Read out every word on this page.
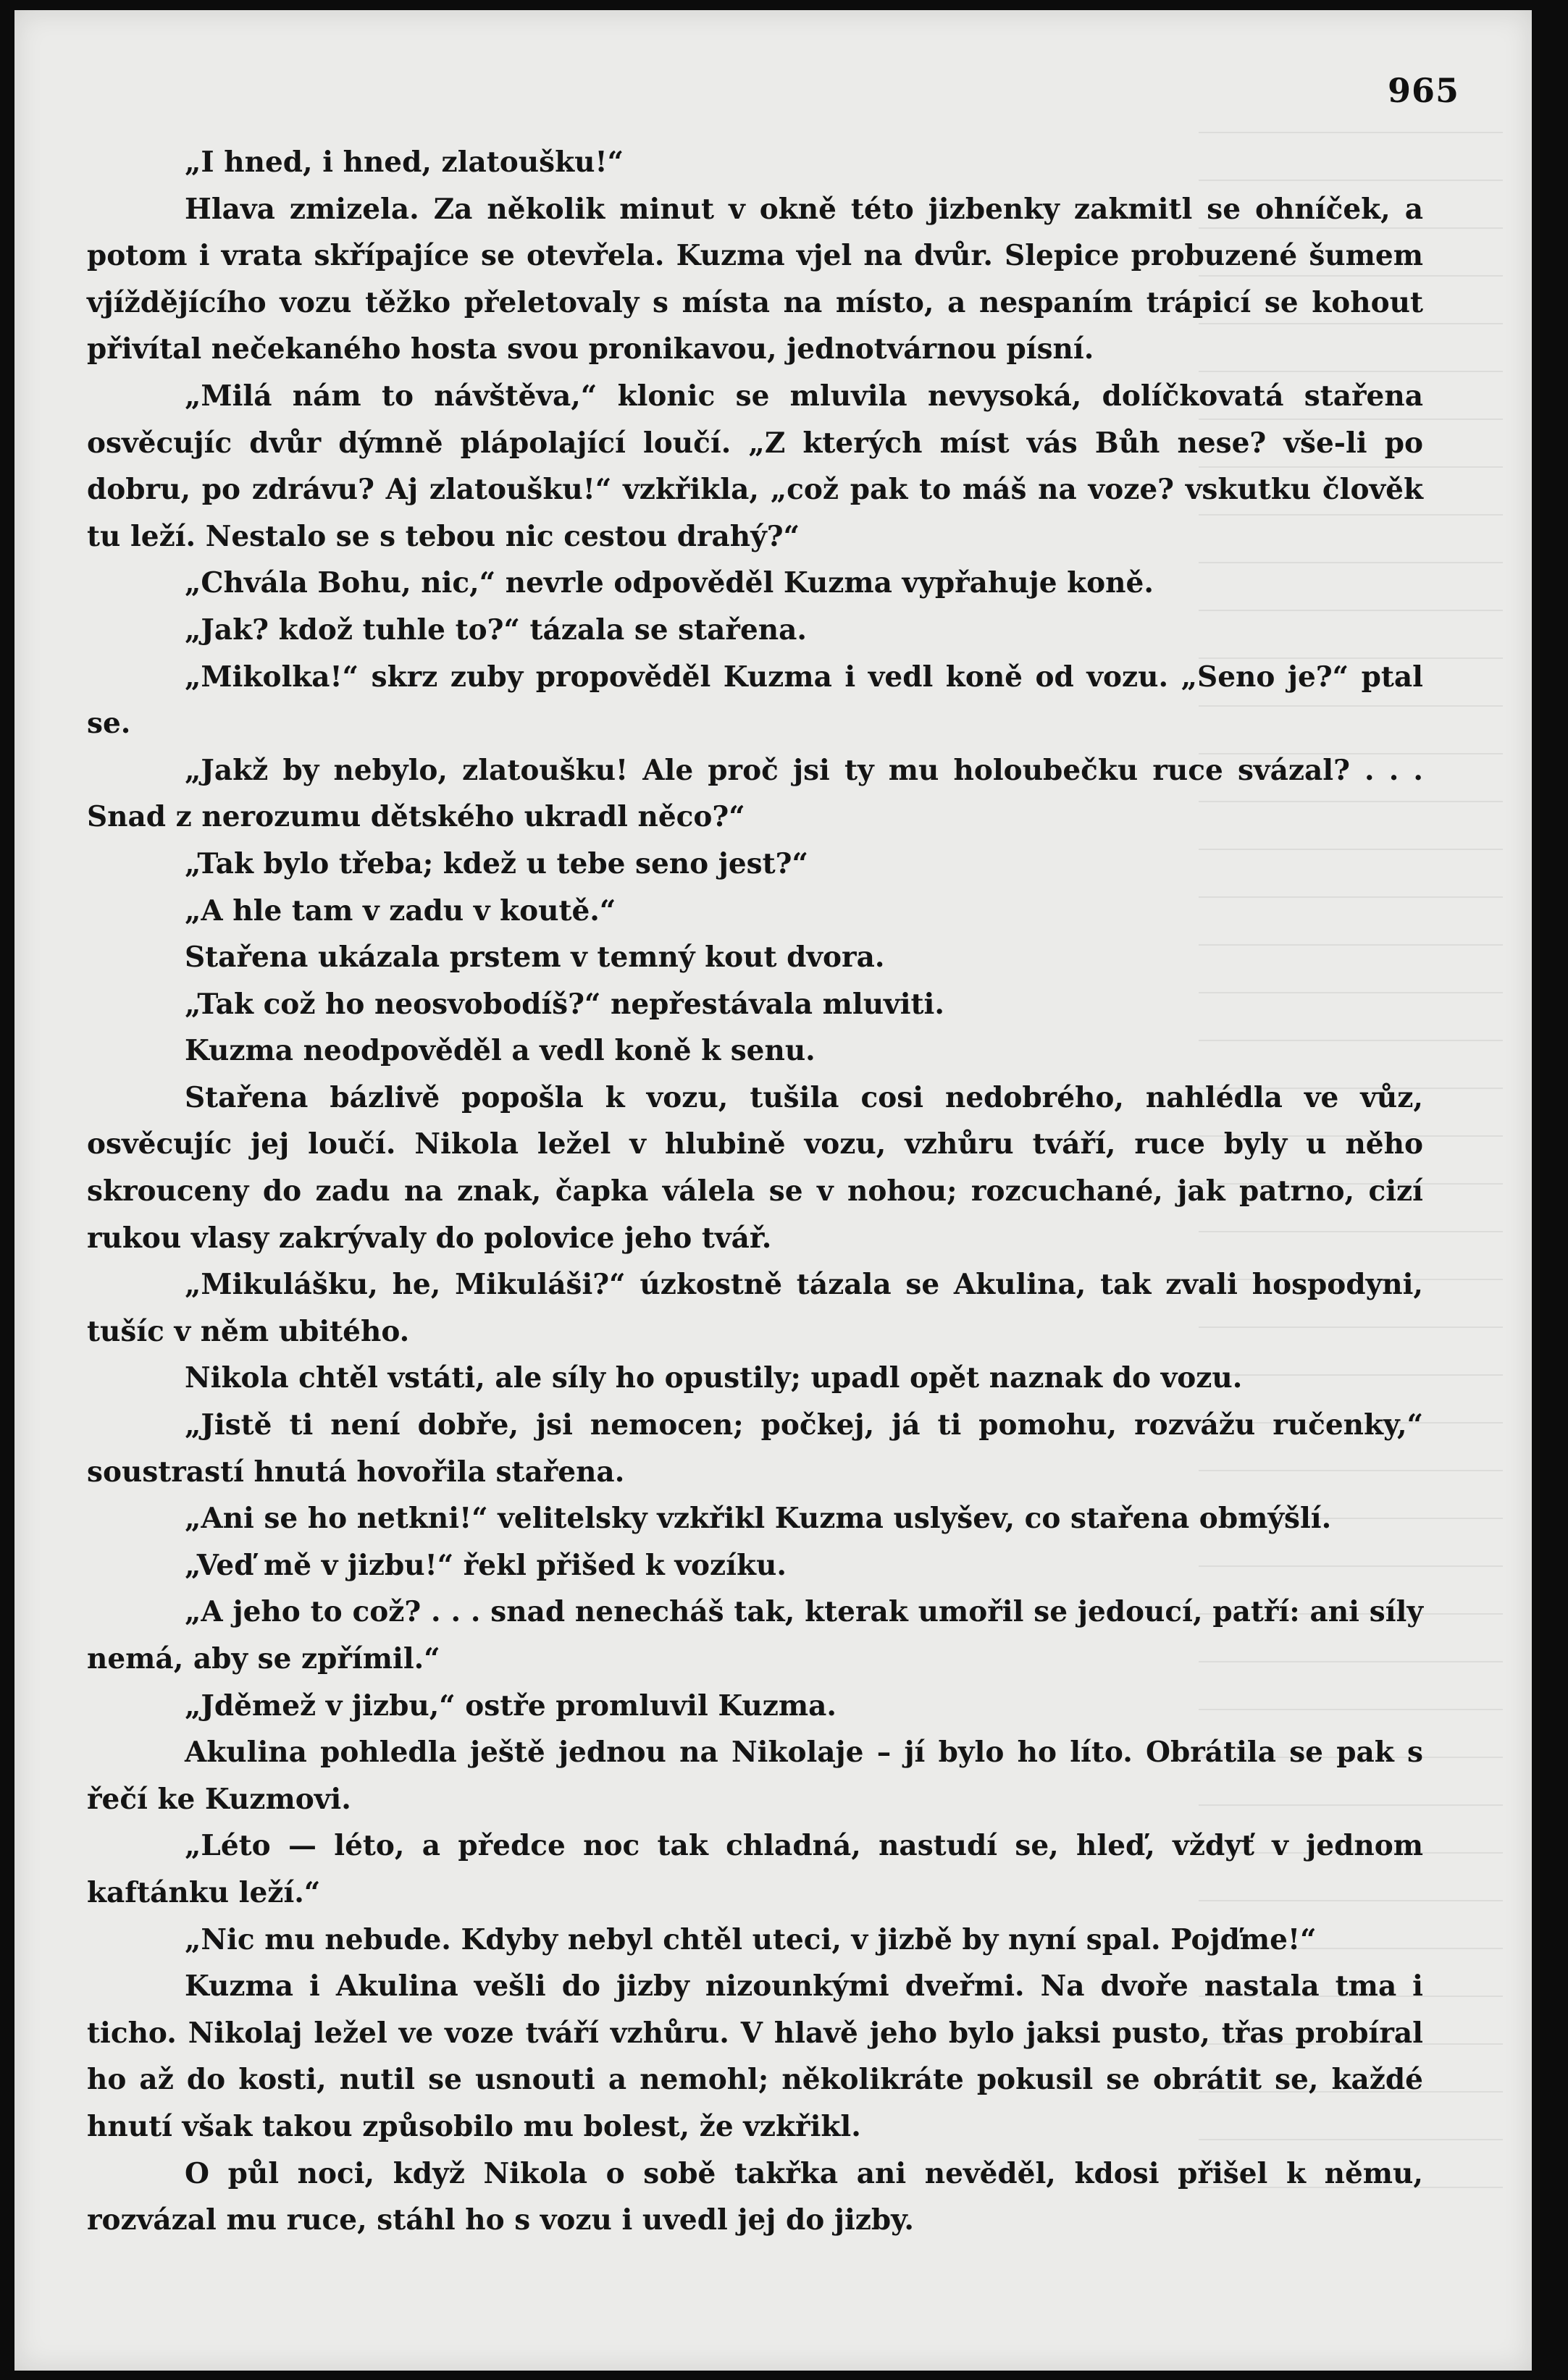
965

„I hned, i hned, zlatoušku!“

Hlava zmizela. Za několik minut v okně této jizbenky zakmitl se ohníček, a potom i vrata skřípajíce se otevřela. Kuzma vjel na dvůr. Slepice probuzené šumem vjíždějícího vozu těžko přeletovaly s místa na místo, a nespaním trápicí se kohout přivítal nečekaného hosta svou pronikavou, jednotvárnou písní.

„Milá nám to návštěva,“ klonic se mluvila nevysoká, dolíčkovatá stařena osvěcujíc dvůr dýmně plápolající loučí. „Z kterých míst vás Bůh nese? vše-li po dobru, po zdrávu? Aj zlatoušku!“ vzkřikla, „což pak to máš na voze? vskutku člověk tu leží. Nestalo se s tebou nic cestou drahý?“

„Chvála Bohu, nic,“ nevrle odpověděl Kuzma vypřahuje koně.

„Jak? kdož tuhle to?“ tázala se stařena.

„Mikolka!“ skrz zuby propověděl Kuzma i vedl koně od vozu. „Seno je?“ ptal se.

„Jakž by nebylo, zlatoušku! Ale proč jsi ty mu holoubečku ruce svázal? . . . Snad z nerozumu dětského ukradl něco?“

„Tak bylo třeba; kdež u tebe seno jest?“

„A hle tam v zadu v koutě.“

Stařena ukázala prstem v temný kout dvora.

„Tak což ho neosvobodíš?“ nepřestávala mluviti.

Kuzma neodpověděl a vedl koně k senu.

Stařena bázlivě popošla k vozu, tušila cosi nedobrého, nahlédla ve vůz, osvěcujíc jej loučí. Nikola ležel v hlubině vozu, vzhůru tváří, ruce byly u něho skrouceny do zadu na znak, čapka válela se v nohou; rozcuchané, jak patrno, cizí rukou vlasy zakrývaly do polovice jeho tvář.

„Mikulášku, he, Mikuláši?“ úzkostně tázala se Akulina, tak zvali hospodyni, tušíc v něm ubitého.

Nikola chtěl vstáti, ale síly ho opustily; upadl opět naznak do vozu.

„Jistě ti není dobře, jsi nemocen; počkej, já ti pomohu, rozvážu ručenky,“ soustrastí hnutá hovořila stařena.

„Ani se ho netkni!“ velitelsky vzkřikl Kuzma uslyšev, co stařena obmýšlí.

„Veď mě v jizbu!“ řekl přišed k vozíku.

„A jeho to což? . . . snad nenecháš tak, kterak umořil se jedoucí, patří: ani síly nemá, aby se zpřímil.“

„Jděmež v jizbu,“ ostře promluvil Kuzma.

Akulina pohledla ještě jednou na Nikolaje – jí bylo ho líto. Obrátila se pak s řečí ke Kuzmovi.

„Léto — léto, a předce noc tak chladná, nastudí se, hleď, vždyť v jednom kaftánku leží.“

„Nic mu nebude. Kdyby nebyl chtěl uteci, v jizbě by nyní spal. Pojďme!“

Kuzma i Akulina vešli do jizby nizounkými dveřmi. Na dvoře nastala tma i ticho. Nikolaj ležel ve voze tváří vzhůru. V hlavě jeho bylo jaksi pusto, třas probíral ho až do kosti, nutil se usnouti a nemohl; několikráte pokusil se obrátit se, každé hnutí však takou způsobilo mu bolest, že vzkřikl.

O půl noci, když Nikola o sobě takřka ani nevěděl, kdosi přišel k němu, rozvázal mu ruce, stáhl ho s vozu i uvedl jej do jizby.
